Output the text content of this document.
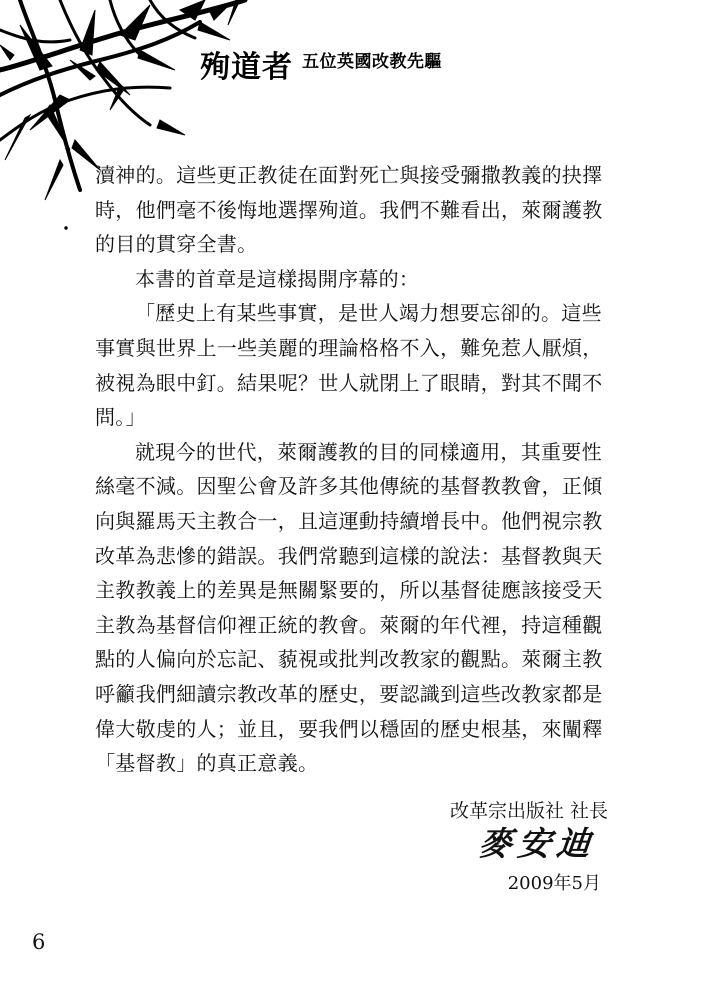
殉道者 五位英國改教先驅
瀆神的。這些更正教徒在面對死亡與接受彌撒教義的抉擇
時，他們毫不後悔地選擇殉道。我們不難看出，萊爾護教
的目的貫穿全書。
本書的首章是這樣揭開序幕的：
「歷史上有某些事實，是世人竭力想要忘卻的。這些
事實與世界上一些美麗的理論格格不入，難免惹人厭煩，
被視為眼中釘。結果呢？世人就閉上了眼睛，對其不聞不
問。」
就現今的世代，萊爾護教的目的同樣適用，其重要性
絲毫不減。因聖公會及許多其他傳統的基督教教會，正傾
向與羅馬天主教合一，且這運動持續增長中。他們視宗教
改革為悲慘的錯誤。我們常聽到這樣的說法：基督教與天
主教教義上的差異是無關緊要的，所以基督徒應該接受天
主教為基督信仰裡正統的教會。萊爾的年代裡，持這種觀
點的人偏向於忘記、藐視或批判改教家的觀點。萊爾主教
呼籲我們細讀宗教改革的歷史，要認識到這些改教家都是
偉大敬虔的人；並且，要我們以穩固的歷史根基，來闡釋
「基督教」的真正意義。
改革宗出版社 社長
麥安迪
2009年5月
6
